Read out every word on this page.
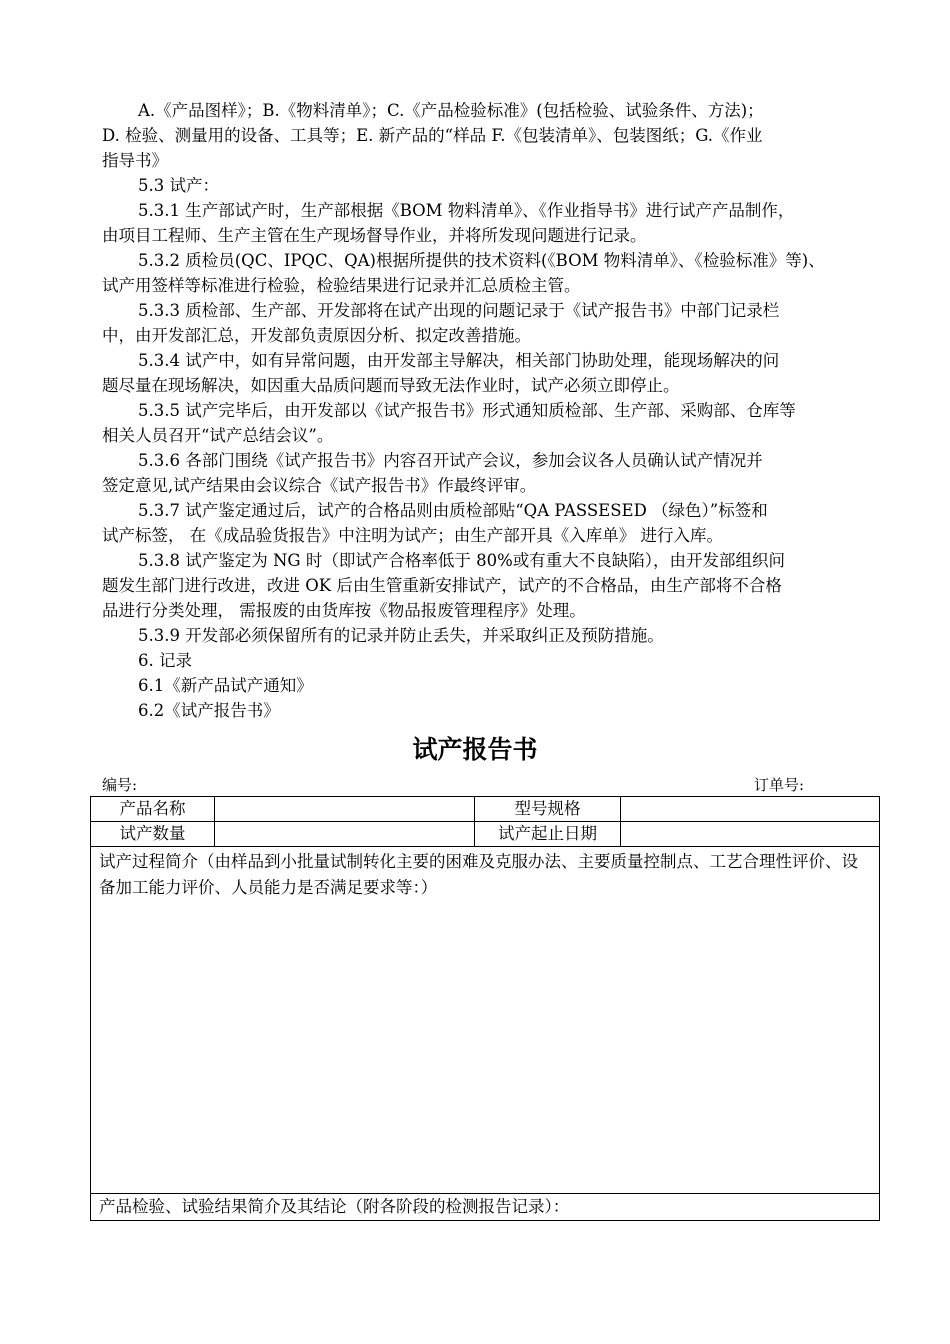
A.《产品图样》；B.《物料清单》；C.《产品检验标准》(包括检验、试验条件、方法)；
D. 检验、测量用的设备、工具等；E. 新产品的“样品 F.《包装清单》、包装图纸；G.《作业
指导书》
5.3 试产：
5.3.1 生产部试产时，生产部根据《BOM 物料清单》、《作业指导书》进行试产产品制作，
由项目工程师、生产主管在生产现场督导作业，并将所发现问题进行记录。
5.3.2 质检员(QC、IPQC、QA)根据所提供的技术资料(《BOM 物料清单》、《检验标准》等)、
试产用签样等标准进行检验，检验结果进行记录并汇总质检主管。
5.3.3 质检部、生产部、开发部将在试产出现的问题记录于《试产报告书》中部门记录栏
中，由开发部汇总，开发部负责原因分析、拟定改善措施。
5.3.4 试产中，如有异常问题，由开发部主导解决，相关部门协助处理，能现场解决的问
题尽量在现场解决，如因重大品质问题而导致无法作业时，试产必须立即停止。
5.3.5 试产完毕后，由开发部以《试产报告书》形式通知质检部、生产部、采购部、仓库等
相关人员召开“试产总结会议”。
5.3.6 各部门围绕《试产报告书》内容召开试产会议，参加会议各人员确认试产情况并
签定意见,试产结果由会议综合《试产报告书》作最终评审。
5.3.7 试产鉴定通过后，试产的合格品则由质检部贴“QA PASSESED （绿色）”标签和
试产标签， 在《成品验货报告》中注明为试产；由生产部开具《入库单》 进行入库。
5.3.8 试产鉴定为 NG 时（即试产合格率低于 80%或有重大不良缺陷），由开发部组织问
题发生部门进行改进，改进 OK 后由生管重新安排试产，试产的不合格品，由生产部将不合格
品进行分类处理， 需报废的由货库按《物品报废管理程序》处理。
5.3.9 开发部必须保留所有的记录并防止丢失，并采取纠正及预防措施。
6. 记录
6.1《新产品试产通知》
6.2《试产报告书》
试产报告书
编号:	订单号:
产品名称		型号规格	
试产数量		试产起止日期	
试产过程简介（由样品到小批量试制转化主要的困难及克服办法、主要质量控制点、工艺合理性评价、设备加工能力评价、人员能力是否满足要求等：）			
产品检验、试验结果简介及其结论（附各阶段的检测报告记录）：			
